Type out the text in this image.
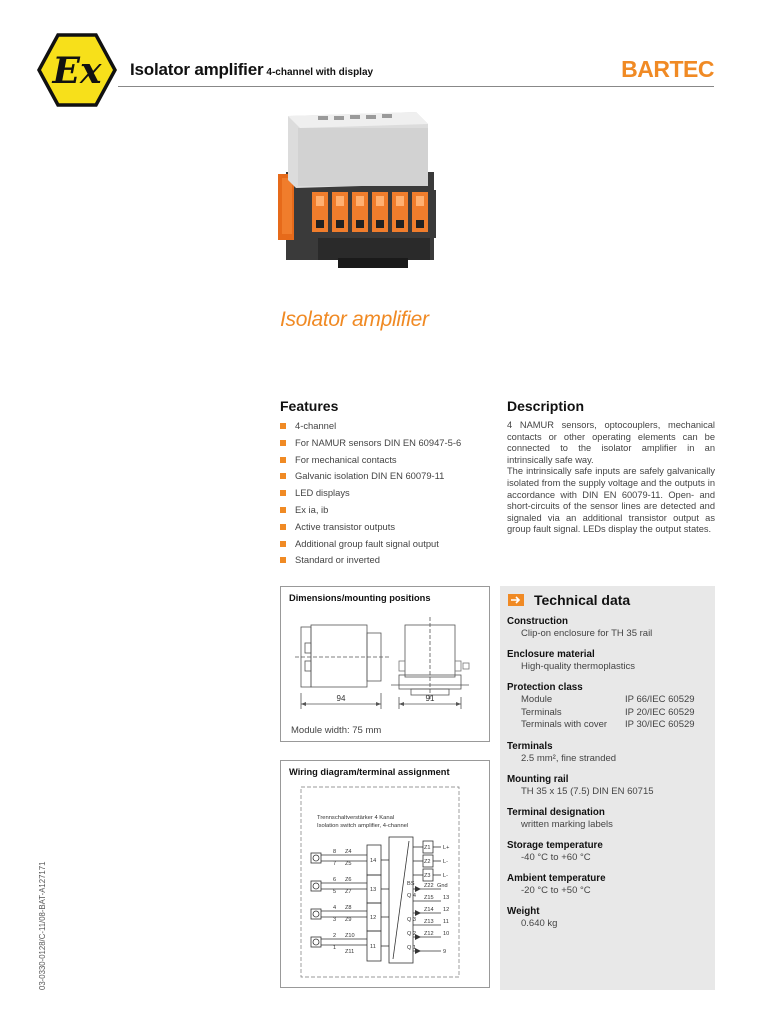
Ex Isolator amplifier 4-channel with display	BARTEC
Isolator amplifier
Features
4-channel
For NAMUR sensors DIN EN 60947-5-6
For mechanical contacts
Galvanic isolation DIN EN 60079-11
LED displays
Ex ia, ib
Active transistor outputs
Additional group fault signal output
Standard or inverted
Description

4 NAMUR sensors, optocouplers, mechanical contacts or other operating elements can be connected to the isolator amplifier in an intrinsically safe way.

The intrinsically safe inputs are safely galvanically isolated from the supply voltage and the outputs in accordance with DIN EN 60079-11. Open- and short-circuits of the sensor lines are detected and signaled via an additional transistor output as group fault signal. LEDs display the output states.

Dimensions/mounting positions
94	91
Module width: 75 mm
Wiring diagram/terminal assignment
Trennschaltverstärker 4 Kanal
Isolation switch amplifier, 4-channel
14
13
12
11
8
7
6
5
4
3
2
1
Z4
Z5
Z6
Z7
Z8
Z9
Z10
Z11
Z1
Z2
Z3
Z22
Z15
Z14
Z13
Z12
L+
L-
L-
Gnd
13
12
11
10
9
BS
Q 4
Q 3
Q 2
Q 1
Technical data
Construction
Clip-on enclosure for TH 35 rail
Enclosure material
High-quality thermoplastics
Protection class
Module	IP 66/IEC 60529
Terminals	IP 20/IEC 60529
Terminals with cover	IP 30/IEC 60529
Terminals
2.5 mm², fine stranded
Mounting rail
TH 35 x 15 (7.5) DIN EN 60715
Terminal designation
written marking labels
Storage temperature
-40 °C to +60 °C
Ambient temperature
-20 °C to +50 °C
Weight
0.640 kg
03-0330-0128/C-11/08-BAT-A127171
